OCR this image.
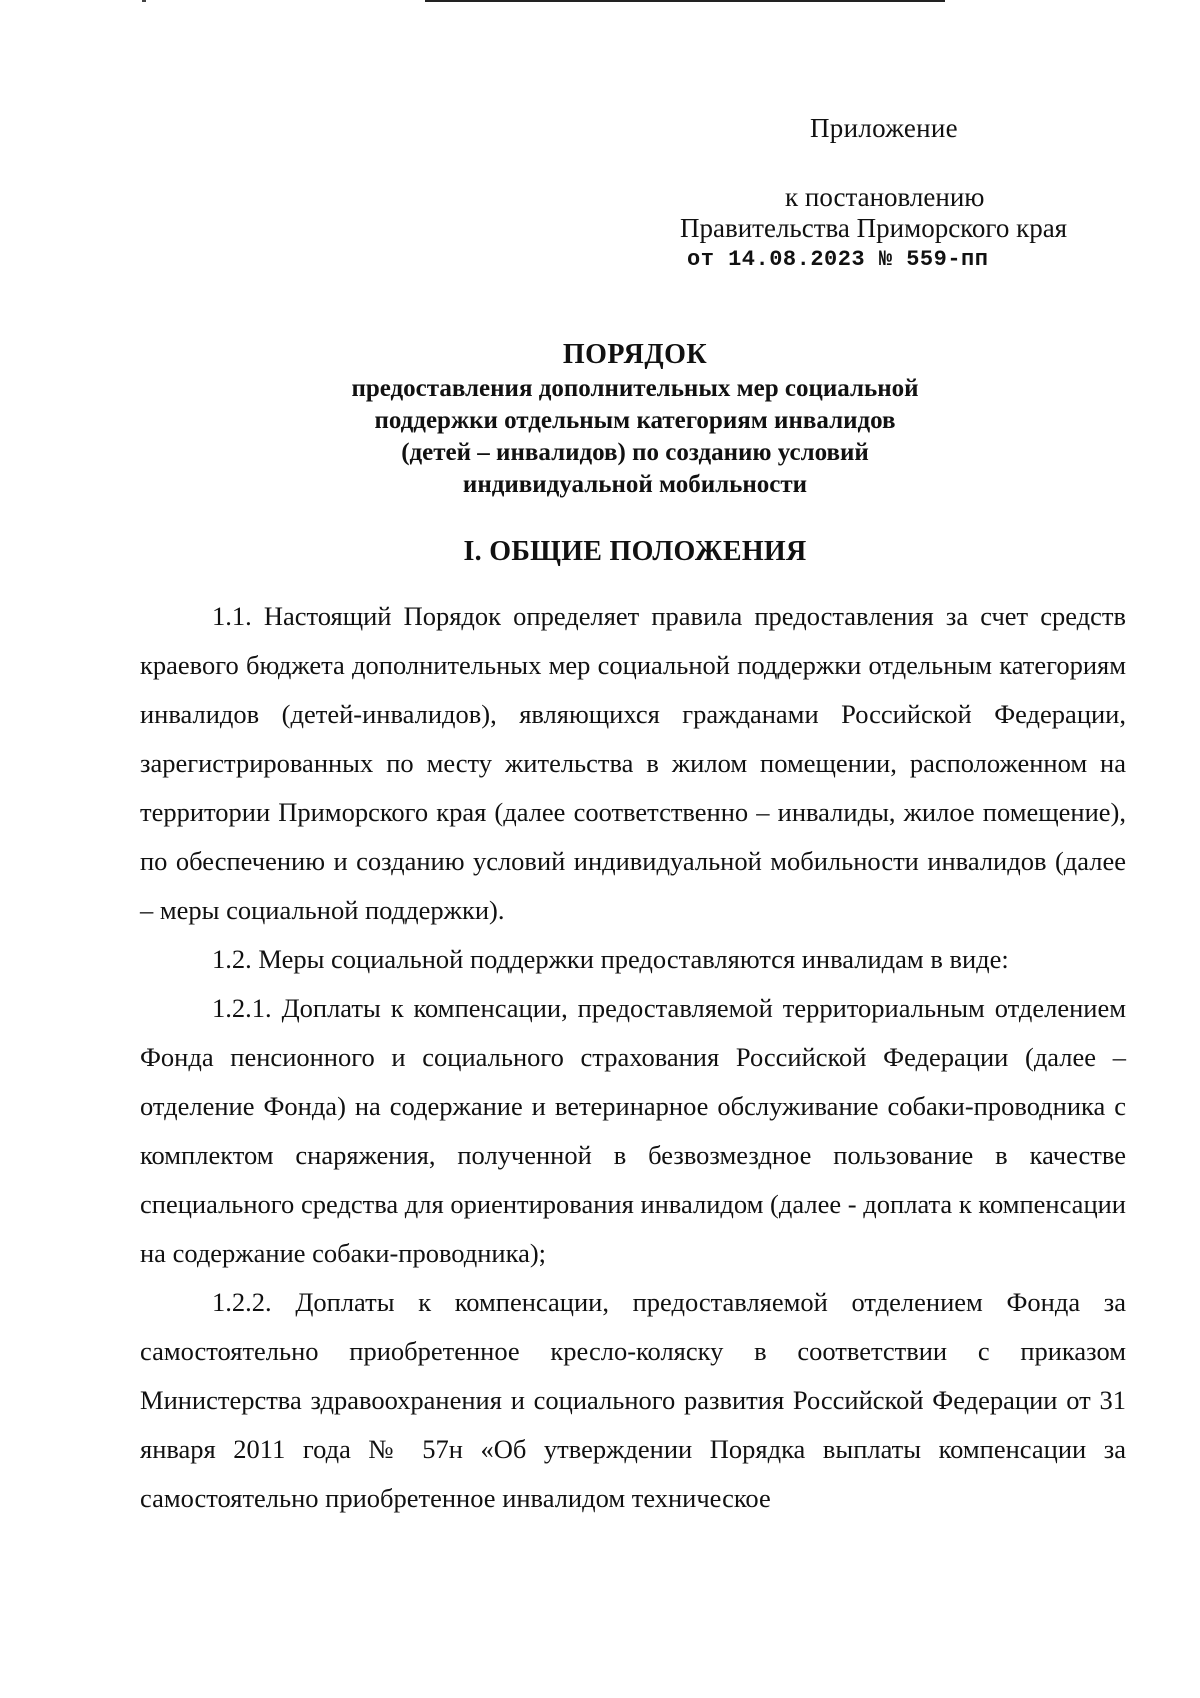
Приложение
к постановлению
Правительства Приморского края
от 14.08.2023 № 559-пп
ПОРЯДОК
предоставления дополнительных мер социальной
поддержки отдельным категориям инвалидов
(детей – инвалидов) по созданию условий
индивидуальной мобильности
I. ОБЩИЕ ПОЛОЖЕНИЯ

1.1. Настоящий Порядок определяет правила предоставления за счет средств краевого бюджета дополнительных мер социальной поддержки отдельным категориям инвалидов (детей-инвалидов), являющихся гражданами Российской Федерации, зарегистрированных по месту жительства в жилом помещении, расположенном на территории Приморского края (далее соответственно – инвалиды, жилое помещение), по обеспечению и созданию условий индивидуальной мобильности инвалидов (далее – меры социальной поддержки).

1.2. Меры социальной поддержки предоставляются инвалидам в виде:

1.2.1. Доплаты к компенсации, предоставляемой территориальным отделением Фонда пенсионного и социального страхования Российской Федерации (далее – отделение Фонда) на содержание и ветеринарное обслуживание собаки-проводника с комплектом снаряжения, полученной в безвозмездное пользование в качестве специального средства для ориентирования инвалидом (далее - доплата к компенсации на содержание собаки-проводника);

1.2.2. Доплаты к компенсации, предоставляемой отделением Фонда за самостоятельно приобретенное кресло-коляску в соответствии с приказом Министерства здравоохранения и социального развития Российской Федерации от 31 января 2011 года № 57н «Об утверждении Порядка выплаты компенсации за самостоятельно приобретенное инвалидом техническое
